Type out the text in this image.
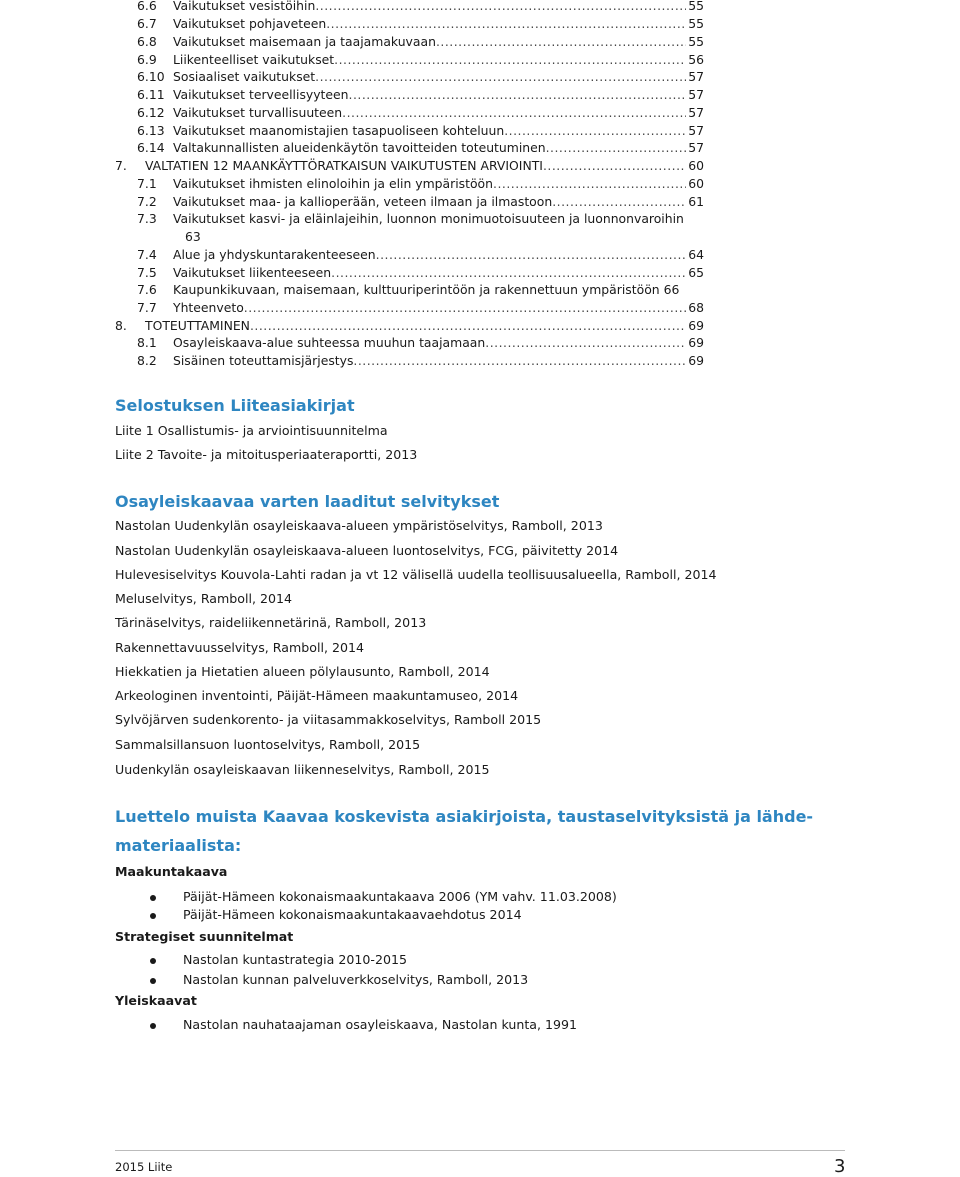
6.6	Vaikutukset vesistöihin .....	55
6.7	Vaikutukset pohjaveteen .....	55
6.8	Vaikutukset maisemaan ja taajamakuvaan .....	55
6.9	Liikenteelliset vaikutukset .....	56
6.10 Sosiaaliset vaikutukset .....	57
6.11 Vaikutukset terveellisyyteen .....	57
6.12 Vaikutukset turvallisuuteen .....	57
6.13 Vaikutukset maanomistajien tasapuoliseen kohteluun .....	57
6.14 Valtakunnallisten alueidenkäytön tavoitteiden toteutuminen .....	57
7.	VALTATIEN 12 MAANKÄYTTÖRATKAISUN VAIKUTUSTEN ARVIOINTI .....	60
7.1	Vaikutukset ihmisten elinoloihin ja elin ympäristöön .....	60
7.2	Vaikutukset maa- ja kallioperään, veteen ilmaan ja ilmastoon .....	61
7.3 Vaikutukset kasvi- ja eläinlajeihin, luonnon monimuotoisuuteen ja luonnonvaroihin
63
7.4	Alue ja yhdyskuntarakenteeseen .....	64
7.5	Vaikutukset liikenteeseen .....	65
7.6	Kaupunkikuvaan, maisemaan, kulttuuriperintöön ja rakennettuun ympäristöön 66
7.7	Yhteenveto .....	68
8.	TOTEUTTAMINEN .....	69
8.1	Osayleiskaava-alue suhteessa muuhun taajamaan .....	69
8.2	Sisäinen toteuttamisjärjestys .....	69
Selostuksen Liiteasiakirjat
Liite 1 Osallistumis- ja arviointisuunnitelma
Liite 2 Tavoite- ja mitoitusperiaateraportti, 2013
Osayleiskaavaa varten laaditut selvitykset
Nastolan Uudenkylän osayleiskaava-alueen ympäristöselvitys, Ramboll, 2013
Nastolan Uudenkylän osayleiskaava-alueen luontoselvitys, FCG, päivitetty 2014
Hulevesiselvitys Kouvola-Lahti radan ja vt 12 välisellä uudella teollisuusalueella, Ramboll, 2014
Meluselvitys, Ramboll, 2014
Tärinäselvitys, raideliikennetärinä, Ramboll, 2013
Rakennettavuusselvitys, Ramboll, 2014
Hiekkatien ja Hietatien alueen pölylausunto, Ramboll, 2014
Arkeologinen inventointi, Päijät-Hämeen maakuntamuseo, 2014
Sylvöjärven sudenkorento- ja viitasammakkoselvitys, Ramboll 2015
Sammalsillansuon luontoselvitys, Ramboll, 2015
Uudenkylän osayleiskaavan liikenneselvitys, Ramboll, 2015
Luettelo muista Kaavaa koskevista asiakirjoista, taustaselvityksistä ja lähde-
materiaalista:
Maakuntakaava
Päijät-Hämeen kokonaismaakuntakaava 2006 (YM vahv. 11.03.2008)
Päijät-Hämeen kokonaismaakuntakaavaehdotus 2014
Strategiset suunnitelmat
Nastolan kuntastrategia 2010-2015
Nastolan kunnan palveluverkkoselvitys, Ramboll, 2013
Yleiskaavat
Nastolan nauhataajaman osayleiskaava, Nastolan kunta, 1991
2015 Liite	3
